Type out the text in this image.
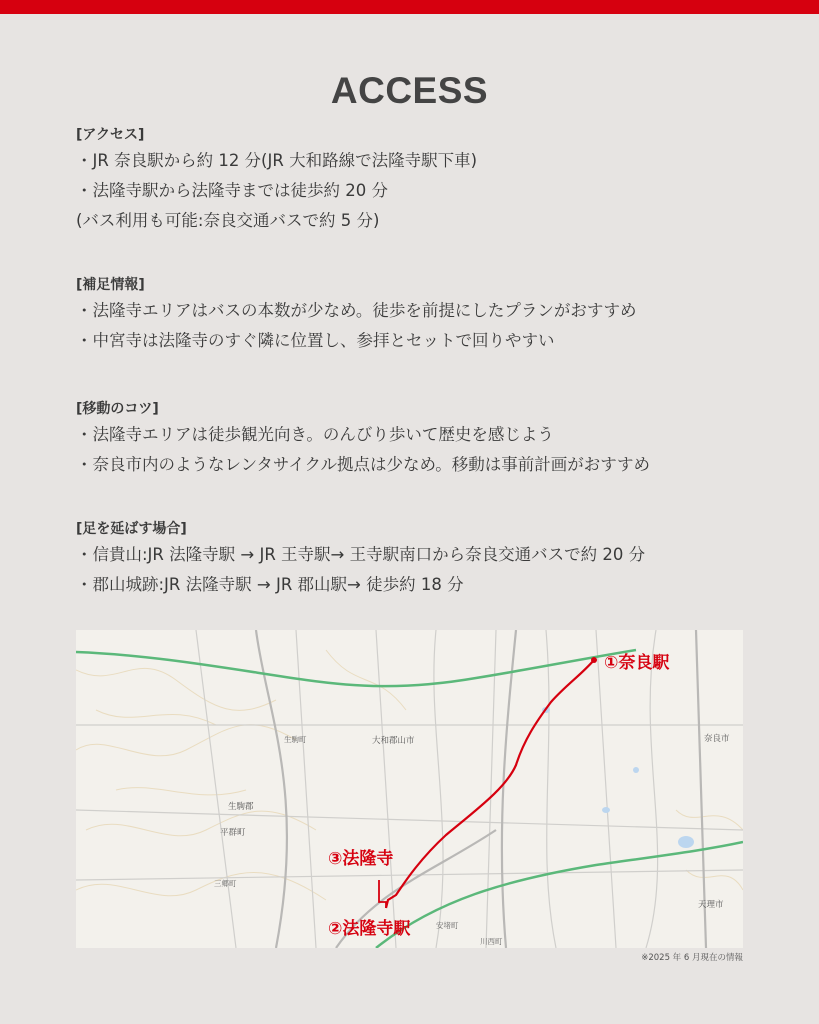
ACCESS
[アクセス]
・JR 奈良駅から約 12 分(JR 大和路線で法隆寺駅下車)
・法隆寺駅から法隆寺までは徒歩約 20 分
(バス利用も可能:奈良交通バスで約 5 分)
[補足情報]
・法隆寺エリアはバスの本数が少なめ。徒歩を前提にしたプランがおすすめ
・中宮寺は法隆寺のすぐ隣に位置し、参拝とセットで回りやすい
[移動のコツ]
・法隆寺エリアは徒歩観光向き。のんびり歩いて歴史を感じよう
・奈良市内のようなレンタサイクル拠点は少なめ。移動は事前計画がおすすめ
[足を延ばす場合]
・信貴山:JR 法隆寺駅 → JR 王寺駅→ 王寺駅南口から奈良交通バスで約 20 分
・郡山城跡:JR 法隆寺駅 → JR 郡山駅→ 徒歩約 18 分
大和郡山市
生駒郡
平群町
奈良市
天理市
生駒町
川西町
安堵町
三郷町
①奈良駅
③法隆寺
②法隆寺駅
※2025 年 6 月現在の情報
